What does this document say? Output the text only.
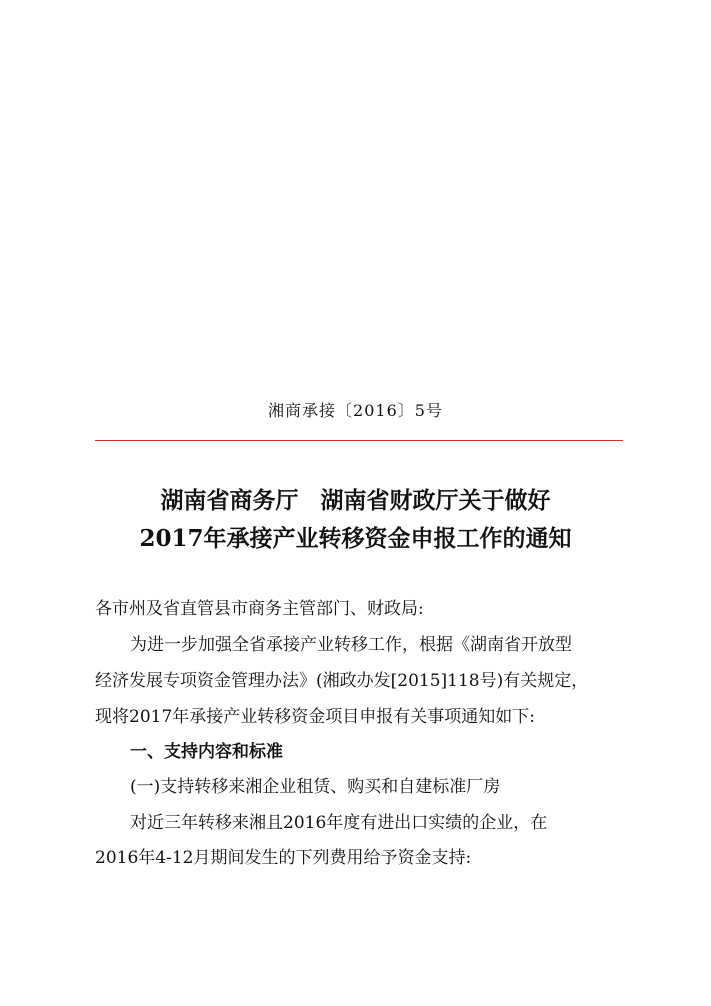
湘商承接〔2016〕5号
湖南省商务厅 湖南省财政厅关于做好
2017年承接产业转移资金申报工作的通知
各市州及省直管县市商务主管部门、财政局:
为进一步加强全省承接产业转移工作，根据《湖南省开放型
经济发展专项资金管理办法》(湘政办发[2015]118号)有关规定，
现将2017年承接产业转移资金项目申报有关事项通知如下:
一、支持内容和标准
(一)支持转移来湘企业租赁、购买和自建标准厂房
对近三年转移来湘且2016年度有进出口实绩的企业，在
2016年4-12月期间发生的下列费用给予资金支持:
